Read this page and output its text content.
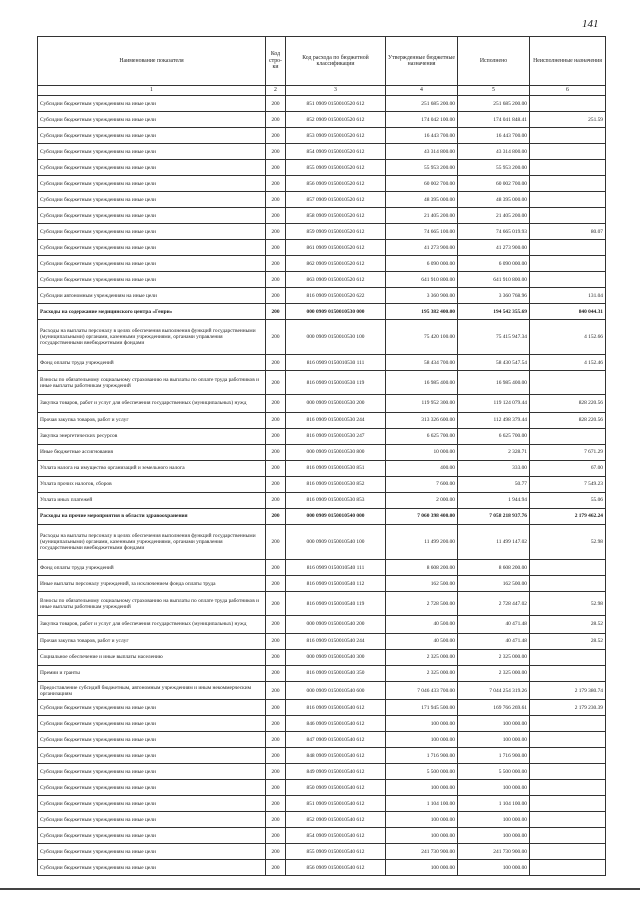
141
Наименование показателя	Код стро-ки	Код расхода по бюджетной классификации	Утвержденные бюджетные назначения	Исполнено	Неисполненные назначения
1	2	3	4	5	6
Субсидии бюджетным учреждениям на иные цели	200	851 0909 0150010520 612	251 685 200.00	251 685 200.00	
Субсидии бюджетным учреждениям на иные цели	200	852 0909 0150010520 612	174 042 100.00	174 041 848.41	251.59
Субсидии бюджетным учреждениям на иные цели	200	853 0909 0150010520 612	16 443 700.00	16 443 700.00	
Субсидии бюджетным учреждениям на иные цели	200	854 0909 0150010520 612	43 314 800.00	43 314 800.00	
Субсидии бюджетным учреждениям на иные цели	200	855 0909 0150010520 612	55 953 200.00	55 953 200.00	
Субсидии бюджетным учреждениям на иные цели	200	856 0909 0150010520 612	60 002 700.00	60 002 700.00	
Субсидии бюджетным учреждениям на иные цели	200	857 0909 0150010520 612	48 395 000.00	48 395 000.00	
Субсидии бюджетным учреждениям на иные цели	200	858 0909 0150010520 612	21 405 200.00	21 405 200.00	
Субсидии бюджетным учреждениям на иные цели	200	859 0909 0150010520 612	74 665 100.00	74 665 019.93	80.07
Субсидии бюджетным учреждениям на иные цели	200	861 0909 0150010520 612	41 273 900.00	41 273 900.00	
Субсидии бюджетным учреждениям на иные цели	200	862 0909 0150010520 612	6 090 000.00	6 090 000.00	
Субсидии бюджетным учреждениям на иные цели	200	863 0909 0150010520 612	641 910 800.00	641 910 800.00	
Субсидии автономным учреждениям на иные цели	200	816 0909 0150010520 622	3 360 900.00	3 360 768.96	131.04
Расходы на содержание медицинского центра «Генри»	200	000 0909 0150010530 000	195 382 400.00	194 542 355.69	840 044.31
Расходы на выплаты персоналу в целях обеспечения выполнения функций государственными (муниципальными) органами, казенными учреждениями, органами управления государственными внебюджетными фондами	200	000 0909 0150010530 100	75 420 100.00	75 415 947.34	4 152.66
Фонд оплаты труда учреждений	200	816 0909 0150010530 111	58 434 700.00	58 430 547.54	4 152.46
Взносы по обязательному социальному страхованию на выплаты по оплате труда работников и иные выплаты работникам учреждений	200	816 0909 0150010530 119	16 985 400.00	16 985 400.00	
Закупка товаров, работ и услуг для обеспечения государственных (муниципальных) нужд	200	000 0909 0150010530 200	119 952 300.00	119 124 079.44	828 220.56
Прочая закупка товаров, работ и услуг	200	816 0909 0150010530 244	313 326 600.00	112 498 379.44	828 220.56
Закупка энергетических ресурсов	200	816 0909 0150010530 247	6 625 700.00	6 625 700.00	
Иные бюджетные ассигнования	200	000 0909 0150010530 800	10 000.00	2 328.71	7 671.29
Уплата налога на имущество организаций и земельного налога	200	816 0909 0150010530 851	400.00	333.00	67.00
Уплата прочих налогов, сборов	200	816 0909 0150010530 852	7 600.00	50.77	7 549.23
Уплата иных платежей	200	816 0909 0150010530 853	2 000.00	1 944.94	55.06
Расходы на прочие мероприятия в области здравоохранения	200	000 0909 0150010540 000	7 060 398 400.00	7 058 218 937.76	2 179 462.24
Расходы на выплаты персоналу в целях обеспечения выполнения функций государственными (муниципальными) органами, казенными учреждениями, органами управления государственными внебюджетными фондами	200	000 0909 0150010540 100	11 499 200.00	11 499 147.02	52.98
Фонд оплаты труда учреждений	200	816 0909 0150010540 111	8 608 200.00	8 608 200.00	
Иные выплаты персоналу учреждений, за исключением фонда оплаты труда	200	816 0909 0150010540 112	162 500.00	162 500.00	
Взносы по обязательному социальному страхованию на выплаты по оплате труда работников и иные выплаты работникам учреждений	200	816 0909 0150010540 119	2 728 500.00	2 728 447.02	52.98
Закупка товаров, работ и услуг для обеспечения государственных (муниципальных) нужд	200	000 0909 0150010540 200	40 500.00	40 471.48	28.52
Прочая закупка товаров, работ и услуг	200	816 0909 0150010540 244	40 500.00	40 471.48	28.52
Социальное обеспечение и иные выплаты населению	200	000 0909 0150010540 300	2 325 000.00	2 325 000.00	
Премии и гранты	200	816 0909 0150010540 350	2 325 000.00	2 325 000.00	
Предоставление субсидий бюджетным, автономным учреждениям и иным некоммерческим организациям	200	000 0909 0150010540 600	7 046 433 700.00	7 044 254 319.26	2 179 380.74
Субсидии бюджетным учреждениям на иные цели	200	816 0909 0150010540 612	171 945 500.00	169 766 269.61	2 179 230.39
Субсидии бюджетным учреждениям на иные цели	200	846 0909 0150010540 612	100 000.00	100 000.00	
Субсидии бюджетным учреждениям на иные цели	200	847 0909 0150010540 612	100 000.00	100 000.00	
Субсидии бюджетным учреждениям на иные цели	200	848 0909 0150010540 612	1 716 900.00	1 716 900.00	
Субсидии бюджетным учреждениям на иные цели	200	849 0909 0150010540 612	5 500 000.00	5 500 000.00	
Субсидии бюджетным учреждениям на иные цели	200	850 0909 0150010540 612	100 000.00	100 000.00	
Субсидии бюджетным учреждениям на иные цели	200	851 0909 0150010540 612	1 104 100.00	1 104 100.00	
Субсидии бюджетным учреждениям на иные цели	200	852 0909 0150010540 612	100 000.00	100 000.00	
Субсидии бюджетным учреждениям на иные цели	200	854 0909 0150010540 612	100 000.00	100 000.00	
Субсидии бюджетным учреждениям на иные цели	200	855 0909 0150010540 612	241 730 900.00	241 730 900.00	
Субсидии бюджетным учреждениям на иные цели	200	856 0909 0150010540 612	100 000.00	100 000.00	
